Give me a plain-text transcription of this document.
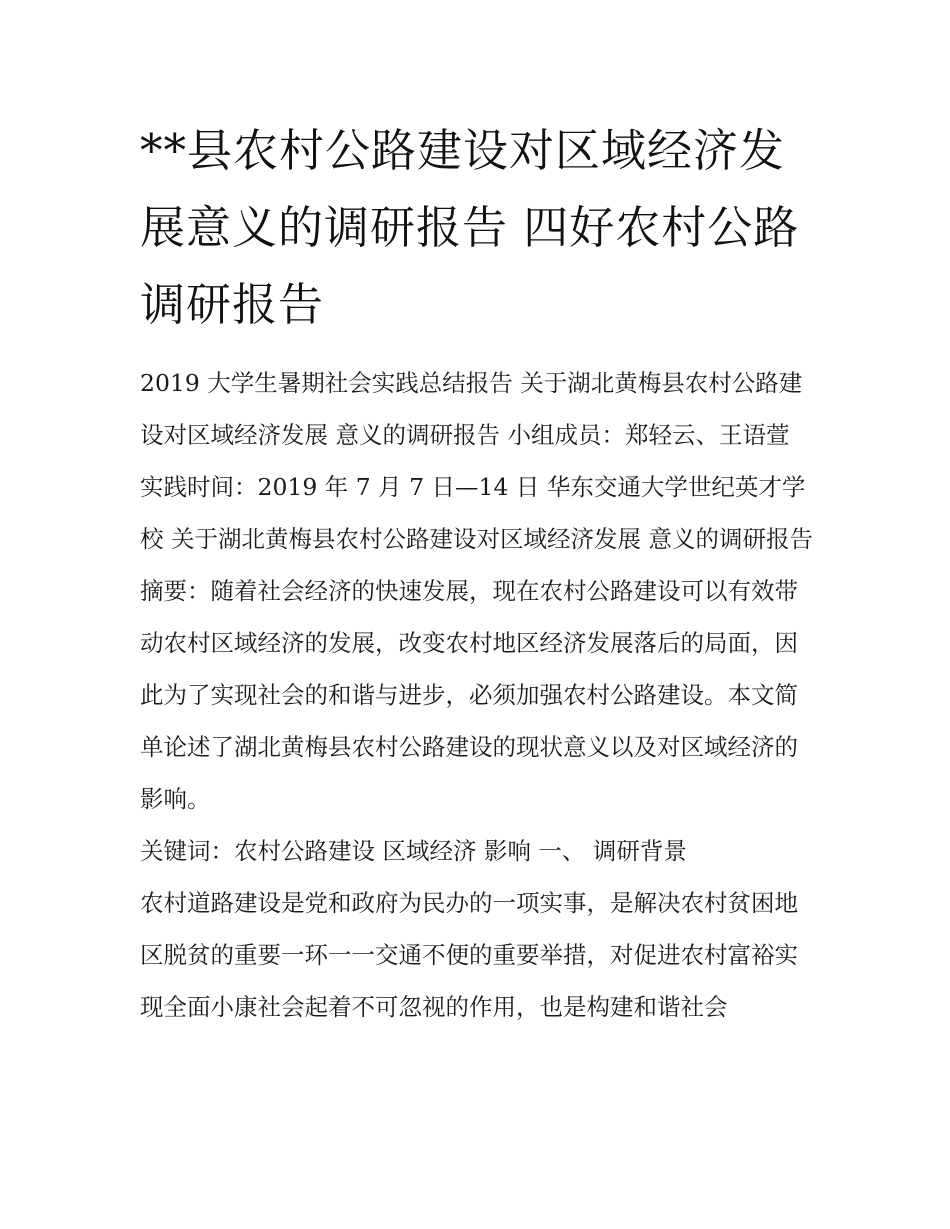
**县农村公路建设对区域经济发展意义的调研报告 四好农村公路调研报告

2019 大学生暑期社会实践总结报告 关于湖北黄梅县农村公路建设对区域经济发展 意义的调研报告 小组成员：郑轻云、王语萱

实践时间：2019 年 7 月 7 日—14 日 华东交通大学世纪英才学校 关于湖北黄梅县农村公路建设对区域经济发展 意义的调研报告

摘要：随着社会经济的快速发展，现在农村公路建设可以有效带动农村区域经济的发展，改变农村地区经济发展落后的局面，因此为了实现社会的和谐与进步，必须加强农村公路建设。本文简单论述了湖北黄梅县农村公路建设的现状意义以及对区域经济的影响。

关键词：农村公路建设 区域经济 影响 一、 调研背景

农村道路建设是党和政府为民办的一项实事，是解决农村贫困地区脱贫的重要一环一一交通不便的重要举措，对促进农村富裕实现全面小康社会起着不可忽视的作用，也是构建和谐社会
